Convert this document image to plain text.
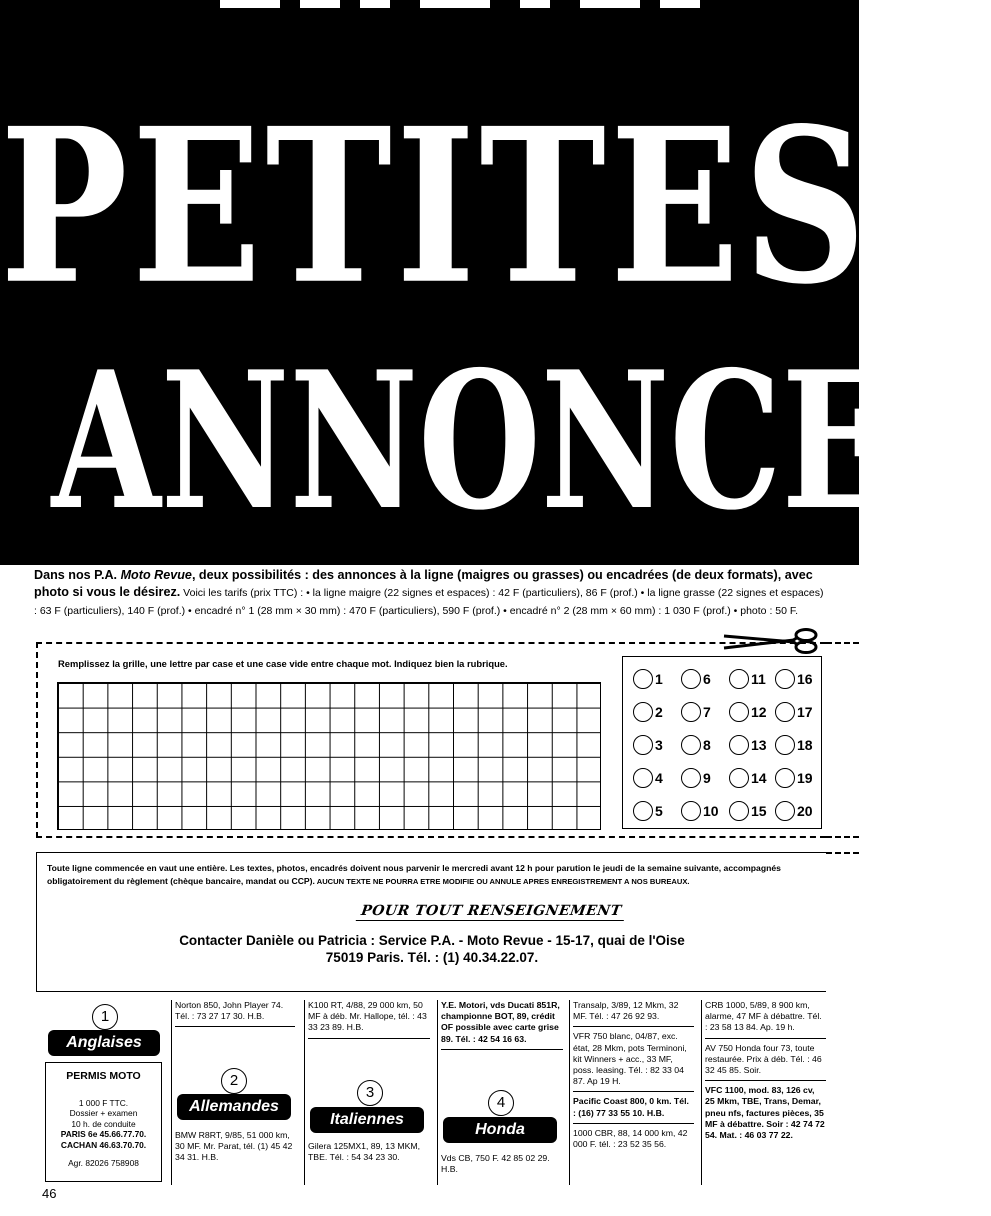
PETITES
ANNONCES
Dans nos P.A. Moto Revue, deux possibilités : des annonces à la ligne (maigres ou grasses) ou encadrées (de deux formats), avec photo si vous le désirez. Voici les tarifs (prix TTC) : • la ligne maigre (22 signes et espaces) : 42 F (particuliers), 86 F (prof.) • la ligne grasse (22 signes et espaces) : 63 F (particuliers), 140 F (prof.) • encadré n° 1 (28 mm × 30 mm) : 470 F (particuliers), 590 F (prof.) • encadré n° 2 (28 mm × 60 mm) : 1 030 F (prof.) • photo : 50 F.
Remplissez la grille, une lettre par case et une case vide entre chaque mot. Indiquez bien la rubrique.
1
2
3
4
5
6
7
8
9
10
11
12
13
14
15
16
17
18
19
20
Toute ligne commencée en vaut une entière. Les textes, photos, encadrés doivent nous parvenir le mercredi avant 12 h pour parution le jeudi de la semaine suivante, accompagnés obligatoirement du règlement (chèque bancaire, mandat ou CCP). AUCUN TEXTE NE POURRA ETRE MODIFIE OU ANNULE APRES ENREGISTREMENT A NOS BUREAUX.
POUR TOUT RENSEIGNEMENT
Contacter Danièle ou Patricia : Service P.A. - Moto Revue - 15-17, quai de l'Oise
75019 Paris. Tél. : (1) 40.34.22.07.
1
Anglaises
PERMIS MOTO
1 000 F TTC.
Dossier + examen
10 h. de conduite
PARIS 6e 45.66.77.70.
CACHAN 46.63.70.70.
Agr. 82026 758908
Norton 850, John Player 74. Tél. : 73 27 17 30. H.B.
2
Allemandes
BMW R8RT, 9/85, 51 000 km, 30 MF. Mr. Parat, tél. (1) 45 42 34 31. H.B.
K100 RT, 4/88, 29 000 km, 50 MF à déb. Mr. Hallope, tél. : 43 33 23 89. H.B.
3
Italiennes
Gilera 125MX1, 89, 13 MKM, TBE. Tél. : 54 34 23 30.
Y.E. Motori, vds Ducati 851R, championne BOT, 89, crédit OF possible avec carte grise 89. Tél. : 42 54 16 63.
4
Honda
Vds CB, 750 F. 42 85 02 29. H.B.
Transalp, 3/89, 12 Mkm, 32 MF. Tél. : 47 26 92 93.
VFR 750 blanc, 04/87, exc. état, 28 Mkm, pots Terminoni, kit Winners + acc., 33 MF, poss. leasing. Tél. : 82 33 04 87. Ap 19 H.
Pacific Coast 800, 0 km. Tél. : (16) 77 33 55 10. H.B.
1000 CBR, 88, 14 000 km, 42 000 F. tél. : 23 52 35 56.
CRB 1000, 5/89, 8 900 km, alarme, 47 MF à débattre. Tél. : 23 58 13 84. Ap. 19 h.
AV 750 Honda four 73, toute restaurée. Prix à déb. Tél. : 46 32 45 85. Soir.
VFC 1100, mod. 83, 126 cv, 25 Mkm, TBE, Trans, Demar, pneu nfs, factures pièces, 35 MF à débattre. Soir : 42 74 72 54. Mat. : 46 03 77 22.
46
